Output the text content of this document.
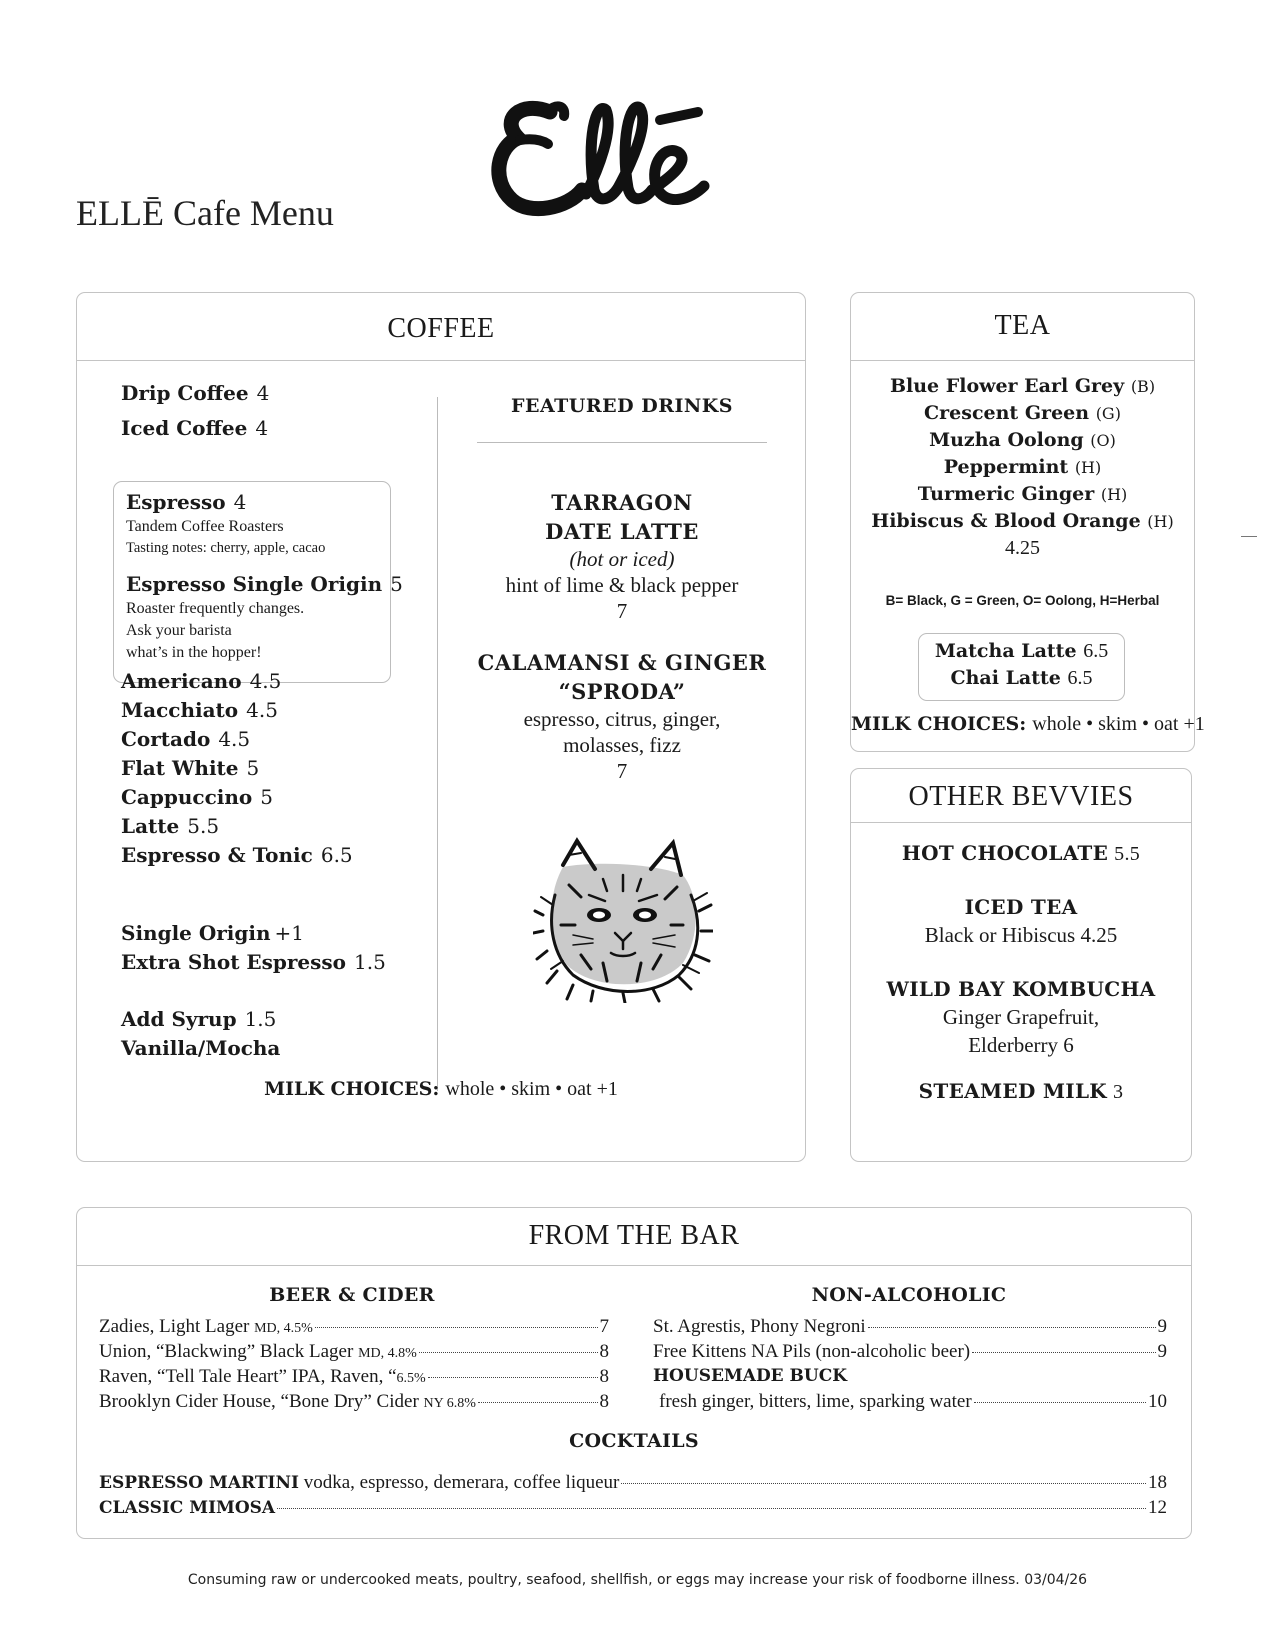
ELLĒ Cafe Menu
COFFEE
Drip Coffee 4
Iced Coffee 4
Espresso 4
Tandem Coffee Roasters
Tasting notes: cherry, apple, cacao
Espresso Single Origin 5
Roaster frequently changes.
Ask your barista
what’s in the hopper!
Americano 4.5
Macchiato 4.5
Cortado 4.5
Flat White 5
Cappuccino 5
Latte 5.5
Espresso & Tonic 6.5
Single Origin +1
Extra Shot Espresso 1.5
Add Syrup 1.5
Vanilla/Mocha
FEATURED DRINKS
TARRAGON
DATE LATTE
(hot or iced)
hint of lime & black pepper
7
CALAMANSI & GINGER
“SPRODA”
espresso, citrus, ginger,
molasses, fizz
7
MILK CHOICES: whole • skim • oat +1
TEA
Blue Flower Earl Grey (B)
Crescent Green (G)
Muzha Oolong (O)
Peppermint (H)
Turmeric Ginger (H)
Hibiscus & Blood Orange (H)
4.25
B= Black, G = Green, O= Oolong, H=Herbal
Matcha Latte 6.5
Chai Latte 6.5
MILK CHOICES: whole • skim • oat +1
OTHER BEVVIES
HOT CHOCOLATE 5.5
ICED TEA
Black or Hibiscus 4.25
WILD BAY KOMBUCHA
Ginger Grapefruit,
Elderberry 6
STEAMED MILK 3
FROM THE BAR
BEER & CIDER	NON-ALCOHOLIC
Zadies, Light Lager MD, 4.5%	7
Union, “Blackwing” Black Lager MD, 4.8%	8
Raven, “Tell Tale Heart” IPA, Raven, “6.5%	8
Brooklyn Cider House, “Bone Dry” Cider NY 6.8%	8
St. Agrestis, Phony Negroni	9
Free Kittens NA Pils (non-alcoholic beer)	9
HOUSEMADE BUCK
fresh ginger, bitters, lime, sparking water	10
COCKTAILS
ESPRESSO MARTINI vodka, espresso, demerara, coffee liqueur	18
CLASSIC MIMOSA	12
Consuming raw or undercooked meats, poultry, seafood, shellfish, or eggs may increase your risk of foodborne illness. 03/04/26
